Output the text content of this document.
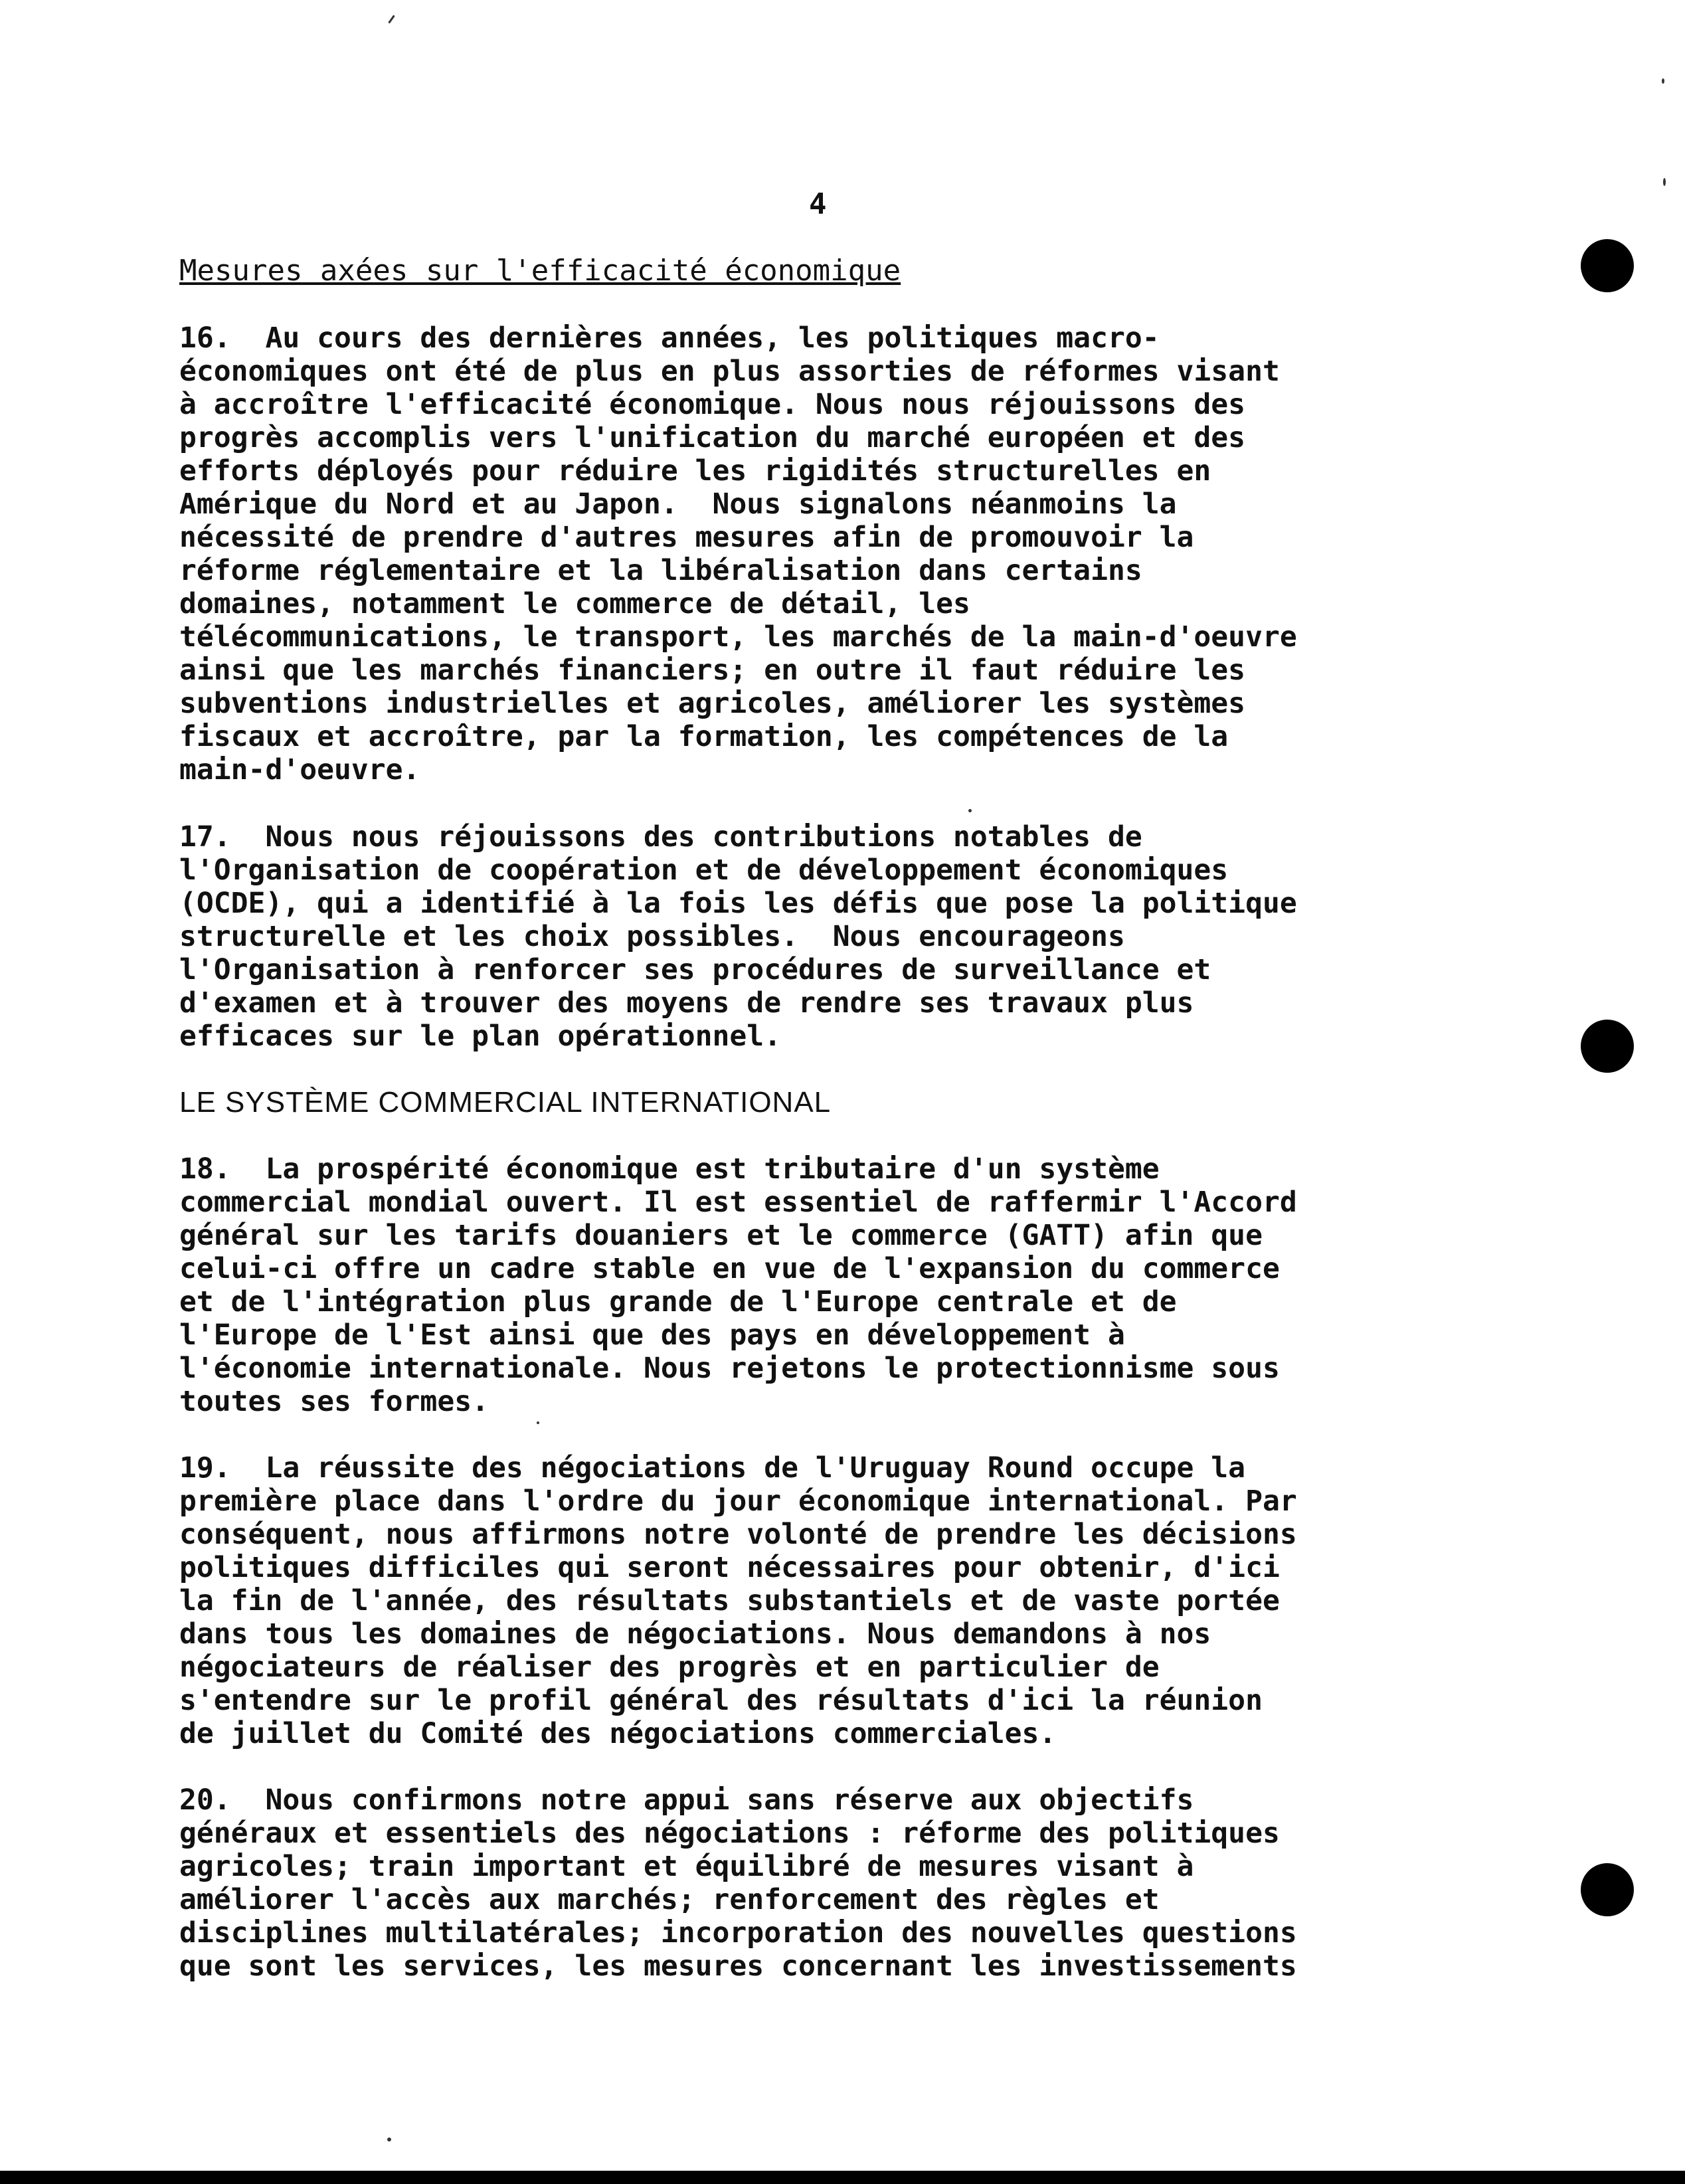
4
Mesures axées sur l'efficacité économique
16.  Au cours des dernières années, les politiques macro-
économiques ont été de plus en plus assorties de réformes visant
à accroître l'efficacité économique. Nous nous réjouissons des
progrès accomplis vers l'unification du marché européen et des
efforts déployés pour réduire les rigidités structurelles en
Amérique du Nord et au Japon.  Nous signalons néanmoins la
nécessité de prendre d'autres mesures afin de promouvoir la
réforme réglementaire et la libéralisation dans certains
domaines, notamment le commerce de détail, les
télécommunications, le transport, les marchés de la main-d'oeuvre
ainsi que les marchés financiers; en outre il faut réduire les
subventions industrielles et agricoles, améliorer les systèmes
fiscaux et accroître, par la formation, les compétences de la
main-d'oeuvre.
17.  Nous nous réjouissons des contributions notables de
l'Organisation de coopération et de développement économiques
(OCDE), qui a identifié à la fois les défis que pose la politique
structurelle et les choix possibles.  Nous encourageons
l'Organisation à renforcer ses procédures de surveillance et
d'examen et à trouver des moyens de rendre ses travaux plus
efficaces sur le plan opérationnel.
LE SYSTÈME COMMERCIAL INTERNATIONAL
18.  La prospérité économique est tributaire d'un système
commercial mondial ouvert. Il est essentiel de raffermir l'Accord
général sur les tarifs douaniers et le commerce (GATT) afin que
celui-ci offre un cadre stable en vue de l'expansion du commerce
et de l'intégration plus grande de l'Europe centrale et de
l'Europe de l'Est ainsi que des pays en développement à
l'économie internationale. Nous rejetons le protectionnisme sous
toutes ses formes.
19.  La réussite des négociations de l'Uruguay Round occupe la
première place dans l'ordre du jour économique international. Par
conséquent, nous affirmons notre volonté de prendre les décisions
politiques difficiles qui seront nécessaires pour obtenir, d'ici
la fin de l'année, des résultats substantiels et de vaste portée
dans tous les domaines de négociations. Nous demandons à nos
négociateurs de réaliser des progrès et en particulier de
s'entendre sur le profil général des résultats d'ici la réunion
de juillet du Comité des négociations commerciales.
20.  Nous confirmons notre appui sans réserve aux objectifs
généraux et essentiels des négociations : réforme des politiques
agricoles; train important et équilibré de mesures visant à
améliorer l'accès aux marchés; renforcement des règles et
disciplines multilatérales; incorporation des nouvelles questions
que sont les services, les mesures concernant les investissements
